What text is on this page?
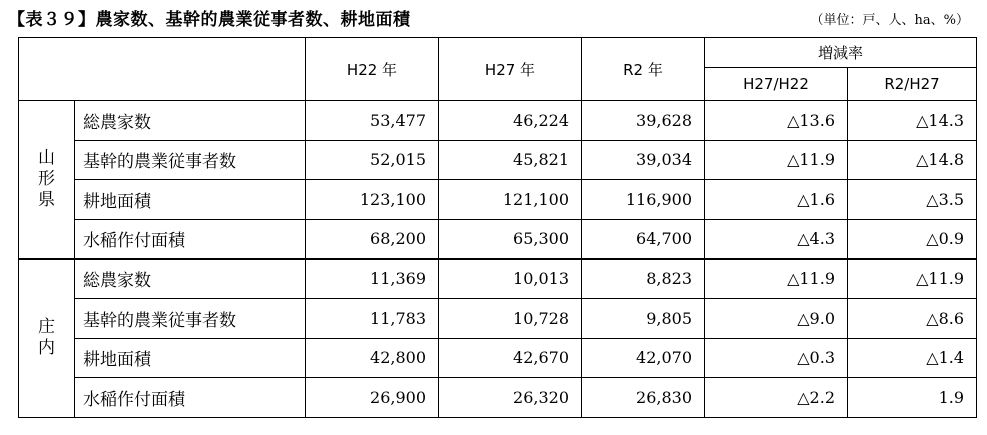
【表３９】農家数、基幹的農業従事者数、耕地面積	（単位：戸、人、ha、%）
		H22 年	H27 年	R2 年	増減率	
					H27/H22	R2/H27
山
形
県	総農家数	53,477	46,224	39,628	△13.6	△14.3
	基幹的農業従事者数	52,015	45,821	39,034	△11.9	△14.8
	耕地面積	123,100	121,100	116,900	△1.6	△3.5
	水稲作付面積	68,200	65,300	64,700	△4.3	△0.9
庄
内	総農家数	11,369	10,013	8,823	△11.9	△11.9
	基幹的農業従事者数	11,783	10,728	9,805	△9.0	△8.6
	耕地面積	42,800	42,670	42,070	△0.3	△1.4
	水稲作付面積	26,900	26,320	26,830	△2.2	1.9
